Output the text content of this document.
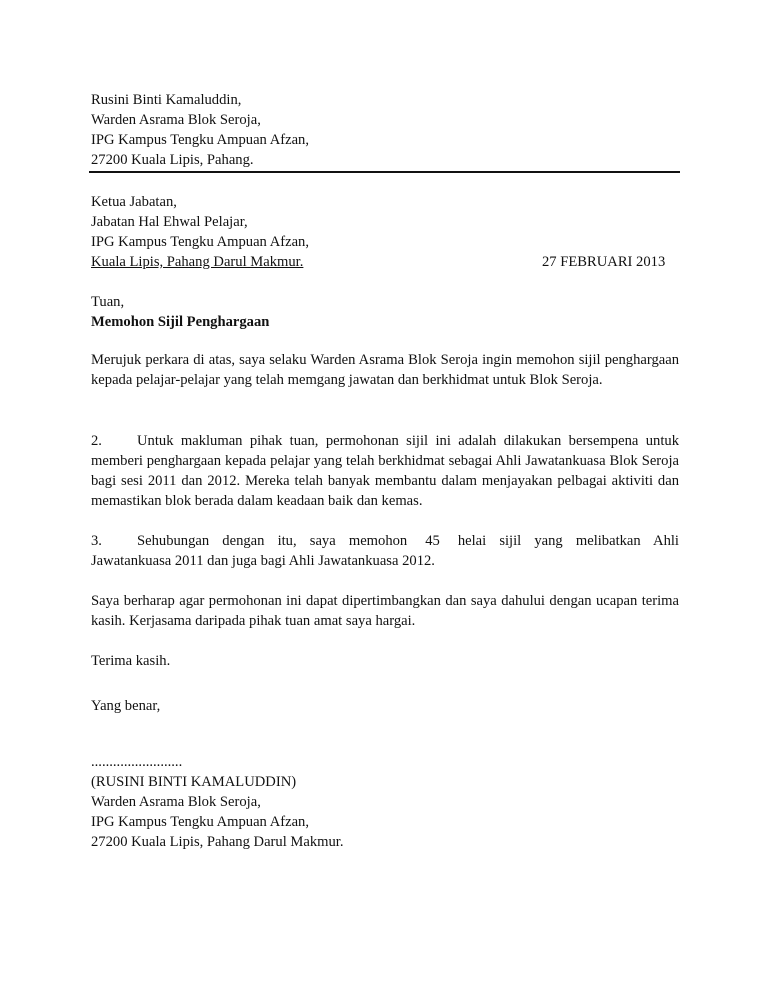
Rusini Binti Kamaluddin,
Warden Asrama Blok Seroja,
IPG Kampus Tengku Ampuan Afzan,
27200 Kuala Lipis, Pahang.
Ketua Jabatan,
Jabatan Hal Ehwal Pelajar,
IPG Kampus Tengku Ampuan Afzan,
Kuala Lipis, Pahang Darul Makmur.	27 FEBRUARI 2013
Tuan,
Memohon Sijil Penghargaan
Merujuk perkara di atas, saya selaku Warden Asrama Blok Seroja ingin memohon sijil penghargaan kepada pelajar-pelajar yang telah memgang jawatan dan berkhidmat untuk Blok Seroja.
2. Untuk makluman pihak tuan, permohonan sijil ini adalah dilakukan bersempena untuk memberi penghargaan kepada pelajar yang telah berkhidmat sebagai Ahli Jawatankuasa Blok Seroja bagi sesi 2011 dan 2012. Mereka telah banyak membantu dalam menjayakan pelbagai aktiviti dan memastikan blok berada dalam keadaan baik dan kemas.
3. Sehubungan dengan itu, saya memohon 45 helai sijil yang melibatkan Ahli Jawatankuasa 2011 dan juga bagi Ahli Jawatankuasa 2012.
Saya berharap agar permohonan ini dapat dipertimbangkan dan saya dahului dengan ucapan terima kasih. Kerjasama daripada pihak tuan amat saya hargai.
Terima kasih.
Yang benar,
.........................
(RUSINI BINTI KAMALUDDIN)
Warden Asrama Blok Seroja,
IPG Kampus Tengku Ampuan Afzan,
27200 Kuala Lipis, Pahang Darul Makmur.
